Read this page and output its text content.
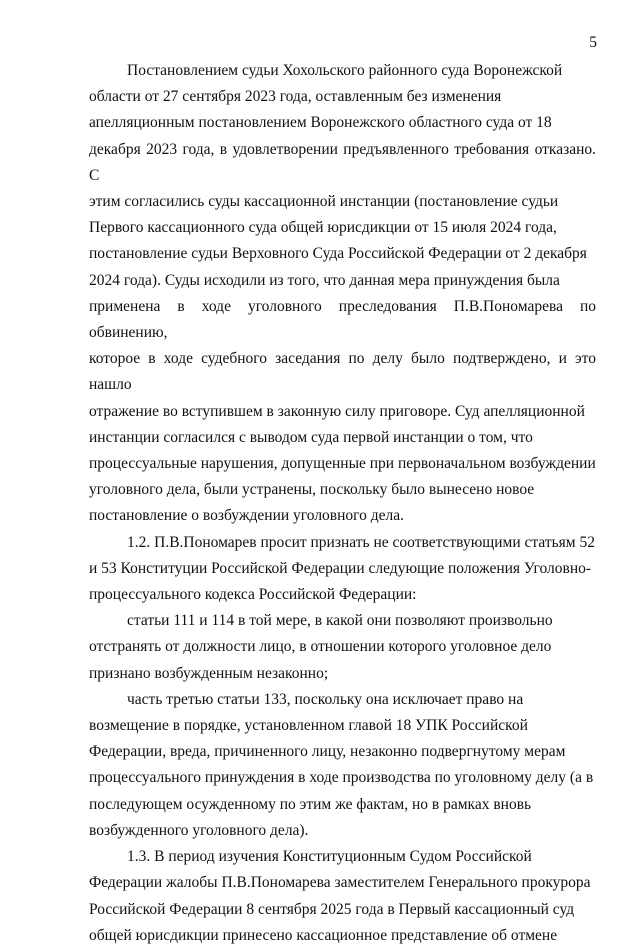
5

Постановлением судьи Хохольского районного суда Воронежской
области от 27 сентября 2023 года, оставленным без изменения
апелляционным постановлением Воронежского областного суда от 18
декабря 2023 года, в удовлетворении предъявленного требования отказано. С
этим согласились суды кассационной инстанции (постановление судьи
Первого кассационного суда общей юрисдикции от 15 июля 2024 года,
постановление судьи Верховного Суда Российской Федерации от 2 декабря
2024 года). Суды исходили из того, что данная мера принуждения была
применена в ходе уголовного преследования П.В.Пономарева по обвинению,
которое в ходе судебного заседания по делу было подтверждено, и это нашло
отражение во вступившем в законную силу приговоре. Суд апелляционной
инстанции согласился с выводом суда первой инстанции о том, что
процессуальные нарушения, допущенные при первоначальном возбуждении
уголовного дела, были устранены, поскольку было вынесено новое
постановление о возбуждении уголовного дела.

1.2. П.В.Пономарев просит признать не соответствующими статьям 52
и 53 Конституции Российской Федерации следующие положения Уголовно-
процессуального кодекса Российской Федерации:

статьи 111 и 114 в той мере, в какой они позволяют произвольно
отстранять от должности лицо, в отношении которого уголовное дело
признано возбужденным незаконно;

часть третью статьи 133, поскольку она исключает право на
возмещение в порядке, установленном главой 18 УПК Российской
Федерации, вреда, причиненного лицу, незаконно подвергнутому мерам
процессуального принуждения в ходе производства по уголовному делу (а в
последующем осужденному по этим же фактам, но в рамках вновь
возбужденного уголовного дела).

1.3. В период изучения Конституционным Судом Российской
Федерации жалобы П.В.Пономарева заместителем Генерального прокурора
Российской Федерации 8 сентября 2025 года в Первый кассационный суд
общей юрисдикции принесено кассационное представление об отмене
